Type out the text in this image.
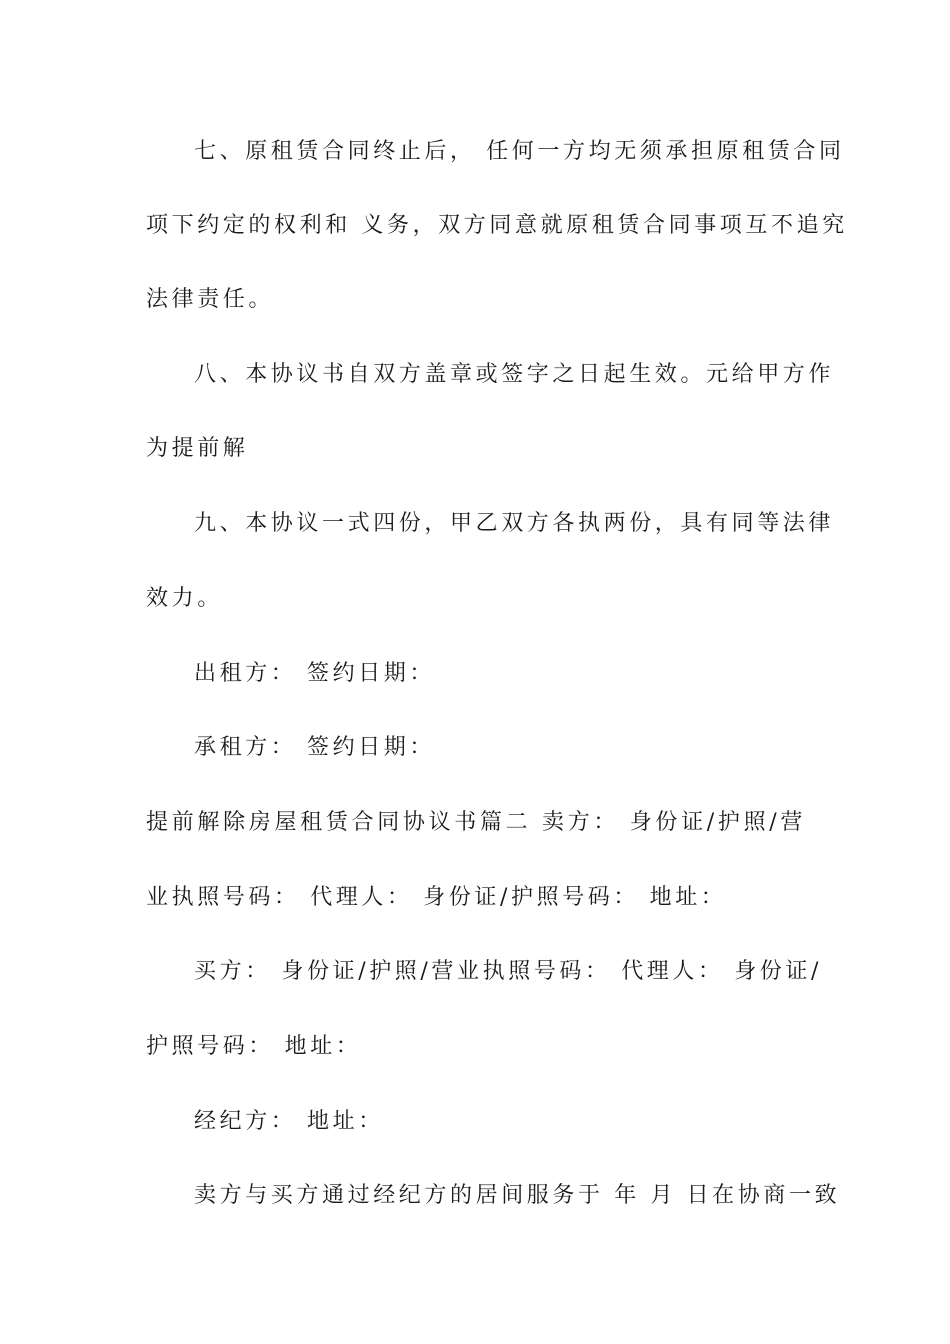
七、原租赁合同终止后， 任何一方均无须承担原租赁合同
项下约定的权利和 义务，双方同意就原租赁合同事项互不追究
法律责任。
八、本协议书自双方盖章或签字之日起生效。元给甲方作
为提前解
九、本协议一式四份，甲乙双方各执两份，具有同等法律
效力。
出租方： 签约日期：
承租方： 签约日期：
提前解除房屋租赁合同协议书篇二 卖方： 身份证/护照/营
业执照号码： 代理人： 身份证/护照号码： 地址：
买方： 身份证/护照/营业执照号码： 代理人： 身份证/
护照号码： 地址：
经纪方： 地址：
卖方与买方通过经纪方的居间服务于 年 月 日在协商一致
